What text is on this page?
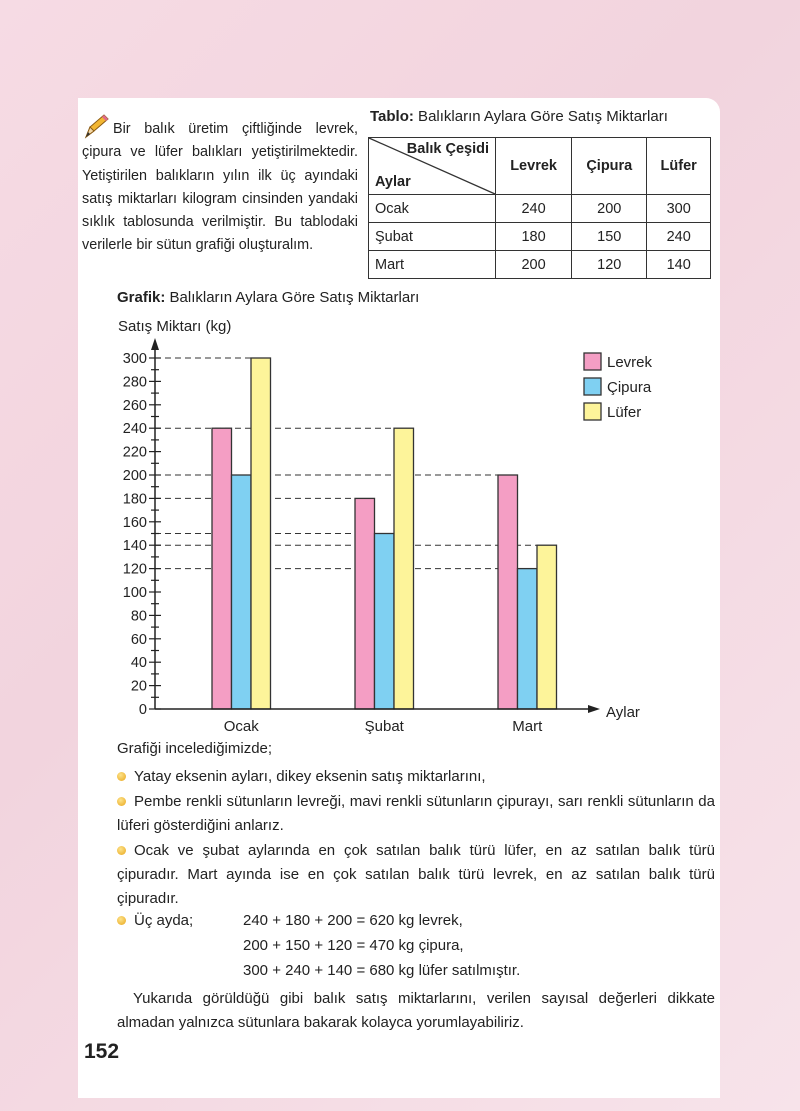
Bir balık üretim çiftliğinde levrek, çipura ve lüfer balıkları yetiştirilmektedir. Yetiştirilen balıkların yılın ilk üç ayındaki satış miktarları kilogram cinsinden yandaki sıklık tablosunda verilmiştir. Bu tablodaki verilerle bir sütun grafiği oluşturalım.

Tablo: Balıkların Aylara Göre Satış Miktarları

Balık Çeşidi
Aylar	Levrek	Çipura	Lüfer
Ocak	240	200	300
Şubat	180	150	240
Mart	200	120	140

Grafik: Balıkların Aylara Göre Satış Miktarları

0
20
40
60
80
100
120
140
160
180
200
220
240
260
280
300
Ocak	Şubat	Mart
Satış Miktarı (kg)
Aylar
Levrek
Çipura
Lüfer

Grafiği incelediğimizde;

Yatay eksenin ayları, dikey eksenin satış miktarlarını,

Pembe renkli sütunların levreği, mavi renkli sütunların çipurayı, sarı renkli sütunların da lüferi gösterdiğini anlarız.

Ocak ve şubat aylarında en çok satılan balık türü lüfer, en az satılan balık türü çipuradır. Mart ayında ise en çok satılan balık türü levrek, en az satılan balık türü çipuradır.

Üç ayda;	240 + 180 + 200 = 620 kg levrek,

200 + 150 + 120 = 470 kg çipura,

300 + 240 + 140 = 680 kg lüfer satılmıştır.

Yukarıda görüldüğü gibi balık satış miktarlarını, verilen sayısal değerleri dikkate almadan yalnızca sütunlara bakarak kolayca yorumlayabiliriz.

152
